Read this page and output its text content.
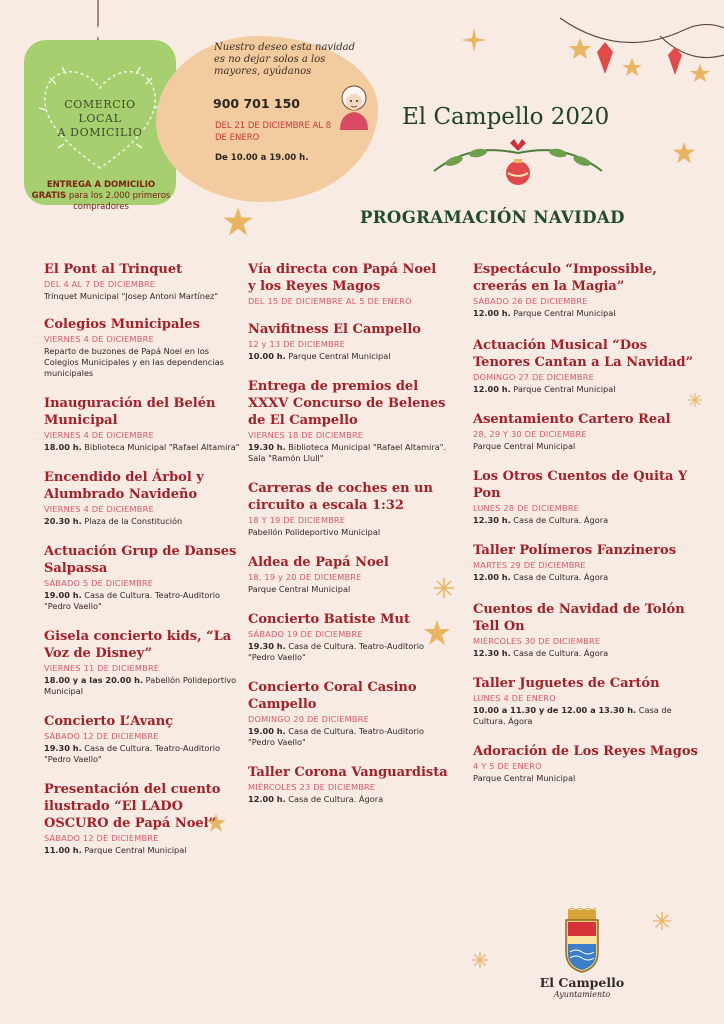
COMERCIO
LOCAL
A DOMICILIO
ENTREGA A DOMICILIO GRATIS para los 2.000 primeros compradores
Nuestro deseo esta navidad es no dejar solos a los mayores, ayúdanos
900 701 150
DEL 21 DE DICIEMBRE AL 8 DE ENERO
De 10.00 a 19.00 h.
El Campello 2020
PROGRAMACIÓN NAVIDAD
El Pont al Trinquet
DEL 4 AL 7 DE DICIEMBRE
Trinquet Municipal "Josep Antoni Martínez"
Colegios Municipales
VIERNES 4 DE DICIEMBRE
Reparto de buzones de Papá Noel en los Colegios Municipales y en las dependencias municipales
Inauguración del Belén Municipal
VIERNES 4 DE DICIEMBRE
18.00 h. Biblioteca Municipal "Rafael Altamira"
Encendido del Árbol y Alumbrado Navideño
VIERNES 4 DE DICIEMBRE
20.30 h. Plaza de la Constitución
Actuación Grup de Danses Salpassa
SÁBADO 5 DE DICIEMBRE
19.00 h. Casa de Cultura. Teatro-Auditorio "Pedro Vaello"
Gisela concierto kids, “La Voz de Disney”
VIERNES 11 DE DICIEMBRE
18.00 y a las 20.00 h. Pabellón Polideportivo Municipal
Concierto L’Avanç
SÁBADO 12 DE DICIEMBRE
19.30 h. Casa de Cultura. Teatro-Auditorio "Pedro Vaello"
Presentación del cuento ilustrado “El LADO OSCURO de Papá Noel”
SÁBADO 12 DE DICIEMBRE
11.00 h. Parque Central Municipal
Vía directa con Papá Noel y los Reyes Magos
DEL 15 DE DICIEMBRE AL 5 DE ENERO
Navifitness El Campello
12 y 13 DE DICIEMBRE
10.00 h. Parque Central Municipal
Entrega de premios del XXXV Concurso de Belenes de El Campello
VIERNES 18 DE DICIEMBRE
19.30 h. Biblioteca Municipal "Rafael Altamira". Sala "Ramón Llull"
Carreras de coches en un circuito a escala 1:32
18 Y 19 DE DICIEMBRE
Pabellón Polideportivo Municipal
Aldea de Papá Noel
18, 19 y 20 DE DICIEMBRE
Parque Central Municipal
Concierto Batiste Mut
SÁBADO 19 DE DICIEMBRE
19.30 h. Casa de Cultura. Teatro-Auditorio "Pedro Vaello"
Concierto Coral Casino Campello
DOMINGO 20 DE DICIEMBRE
19.00 h. Casa de Cultura. Teatro-Auditorio "Pedro Vaello"
Taller Corona Vanguardista
MIÉRCOLES 23 DE DICIEMBRE
12.00 h. Casa de Cultura. Ágora
Espectáculo “Impossible, creerás en la Magia”
SÁBADO 26 DE DICIEMBRE
12.00 h. Parque Central Municipal
Actuación Musical “Dos Tenores Cantan a La Navidad”
DOMINGO 27 DE DICIEMBRE
12.00 h. Parque Central Municipal
Asentamiento Cartero Real
28, 29 Y 30 DE DICIEMBRE
Parque Central Municipal
Los Otros Cuentos de Quita Y Pon
LUNES 28 DE DICIEMBRE
12.30 h. Casa de Cultura. Ágora
Taller Polímeros Fanzineros
MARTES 29 DE DICIEMBRE
12.00 h. Casa de Cultura. Ágora
Cuentos de Navidad de Tolón Tell On
MIÉRCOLES 30 DE DICIEMBRE
12.30 h. Casa de Cultura. Ágora
Taller Juguetes de Cartón
LUNES 4 DE ENERO
10.00 a 11.30 y de 12.00 a 13.30 h. Casa de Cultura. Ágora
Adoración de Los Reyes Magos
4 Y 5 DE ENERO
Parque Central Municipal
El Campello
Ayuntamiento
